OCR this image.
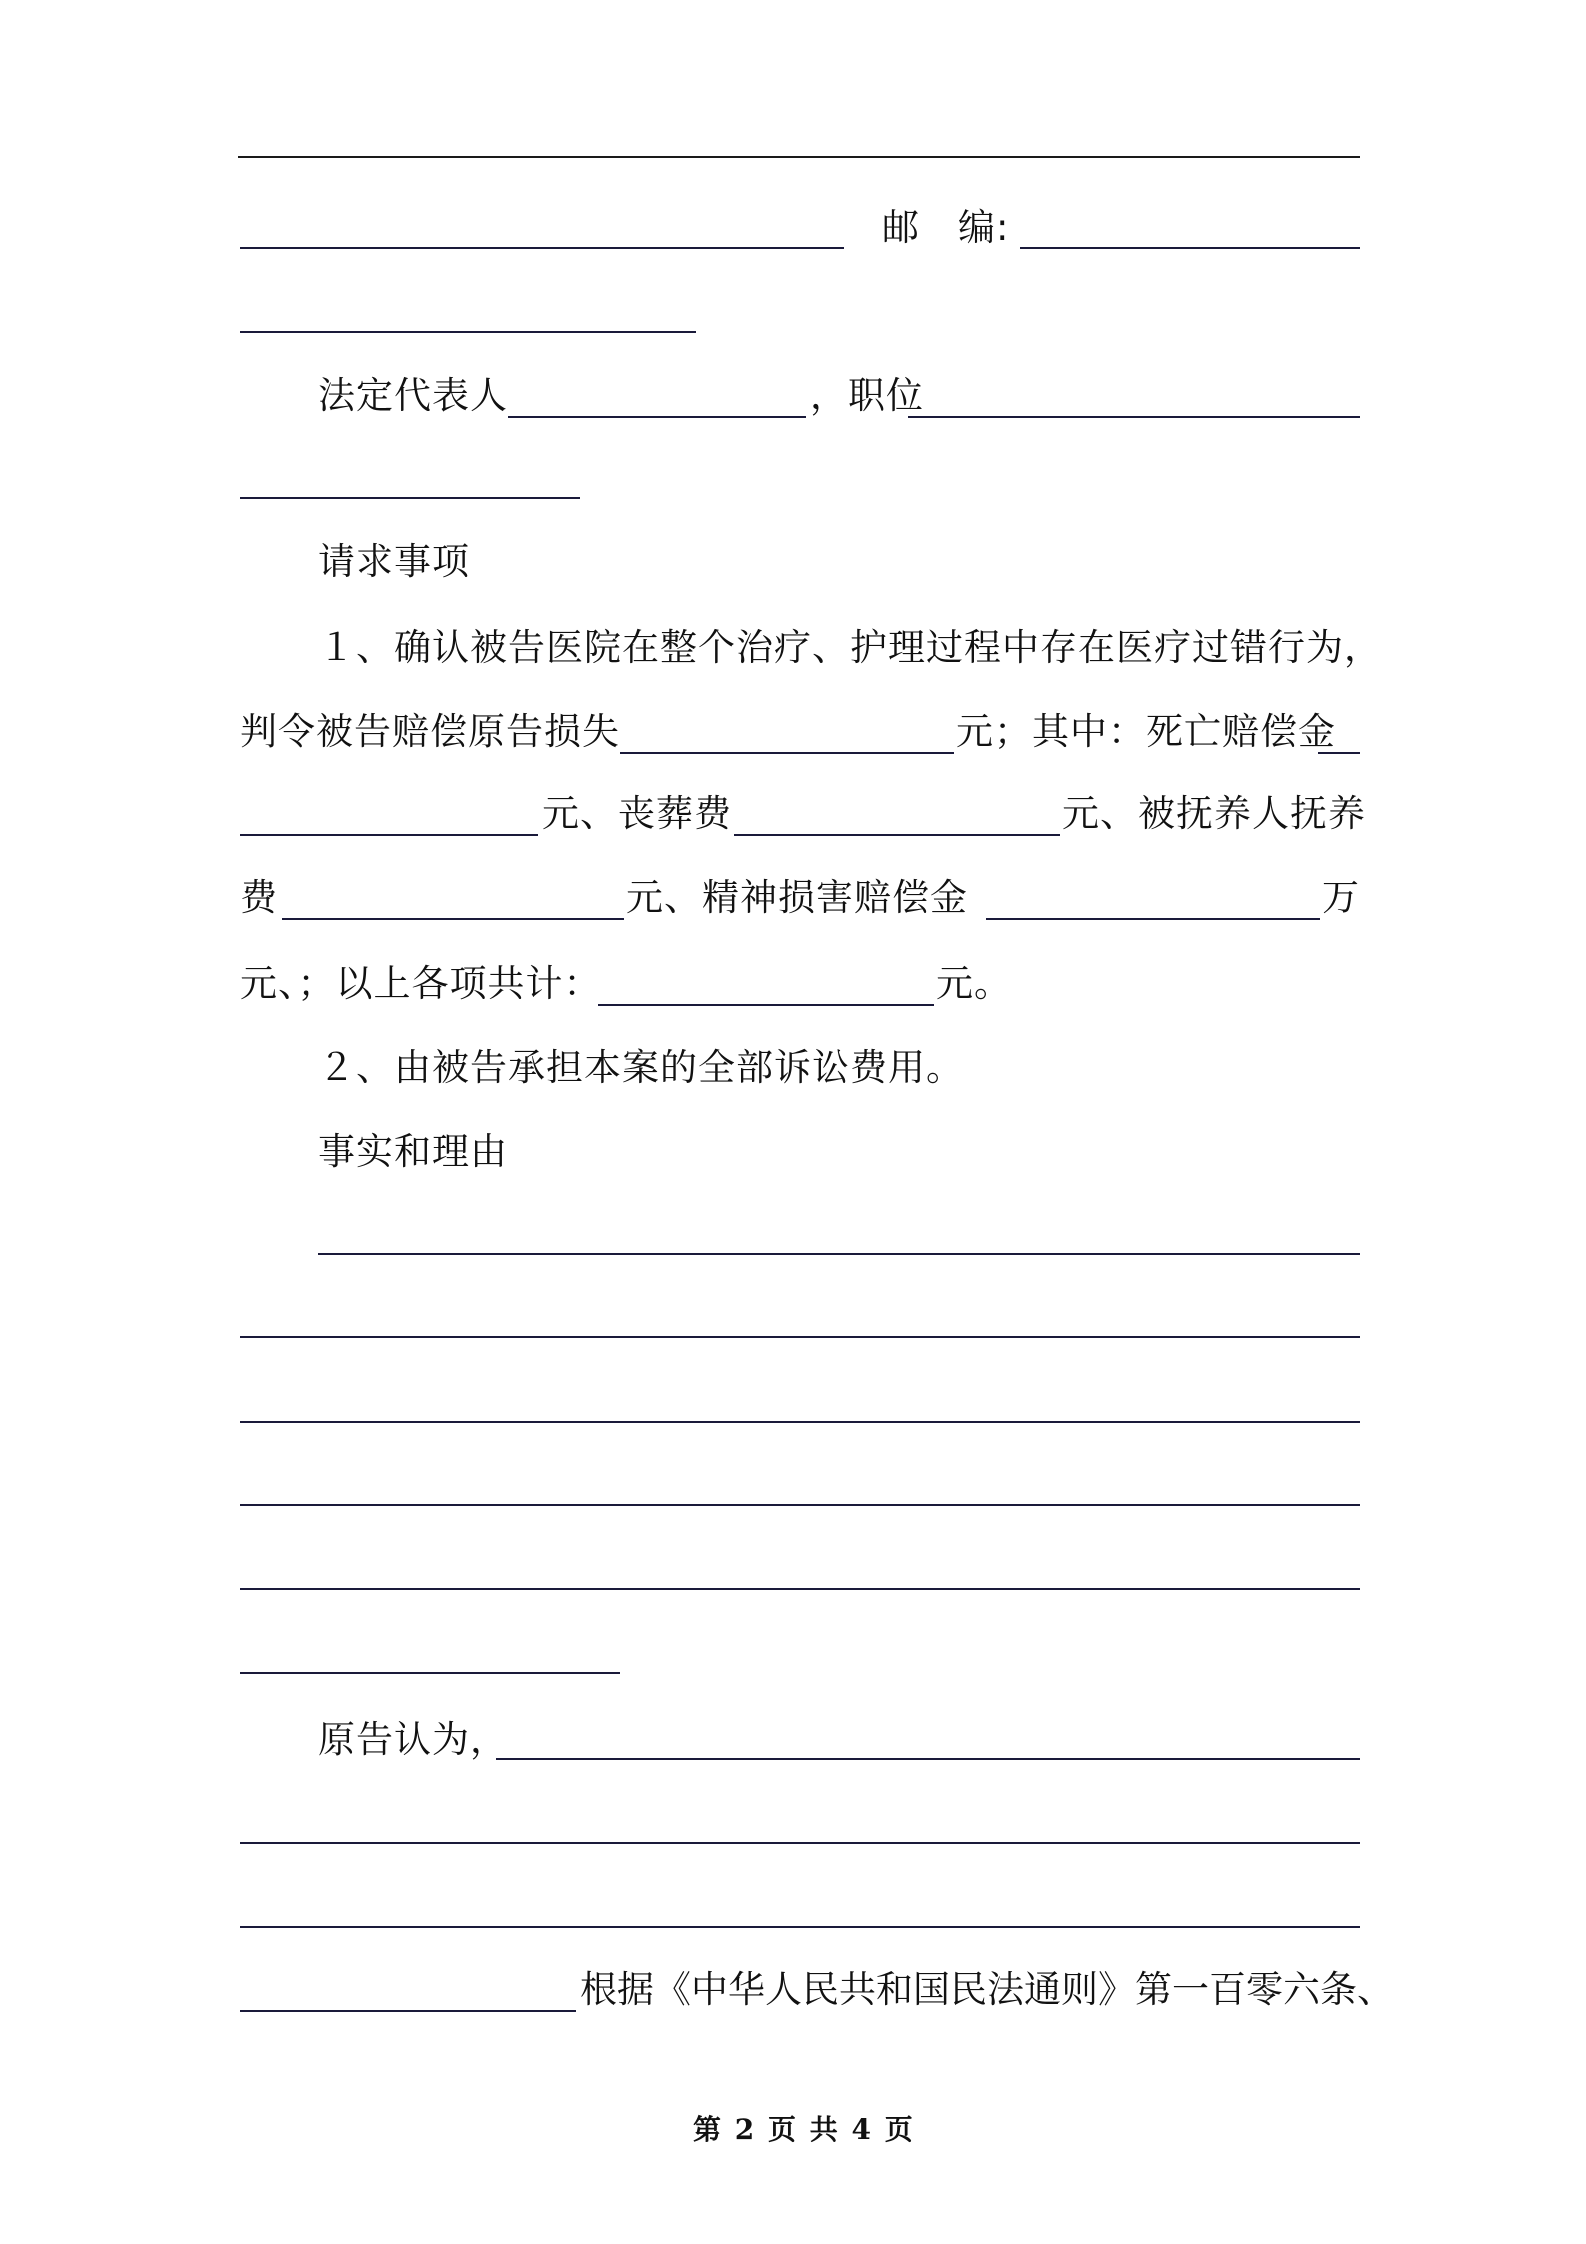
邮　编:
法定代表人	，职位
请求事项
１、确认被告医院在整个治疗、护理过程中存在医疗过错行为，
判令被告赔偿原告损失	元；其中：死亡赔偿金
元、丧葬费	元、被抚养人抚养
费	元、精神损害赔偿金	万
元、；以上各项共计：	元。
２、由被告承担本案的全部诉讼费用。
事实和理由
原告认为，
根据《中华人民共和国民法通则》第一百零六条、
第 2 页 共 4 页
